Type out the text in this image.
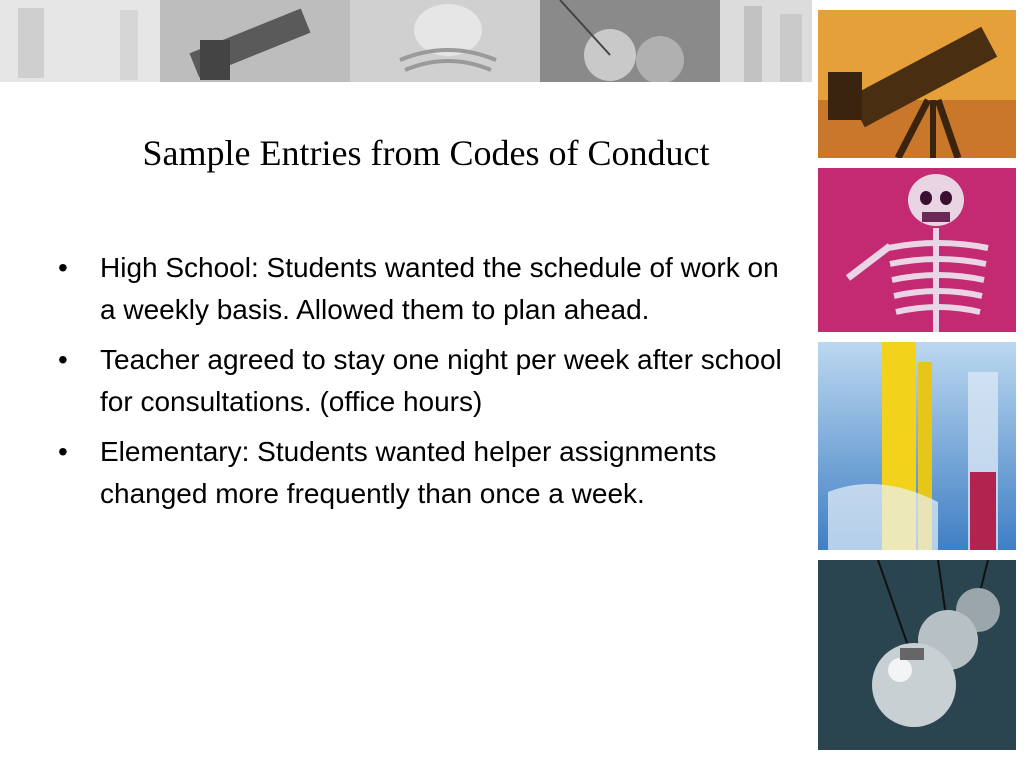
Sample Entries from Codes of Conduct
• High School: Students wanted the schedule of work on a weekly basis. Allowed them to plan ahead.
• Teacher agreed to stay one night per week after school for consultations. (office hours)
• Elementary: Students wanted helper assignments changed more frequently than once a week.
